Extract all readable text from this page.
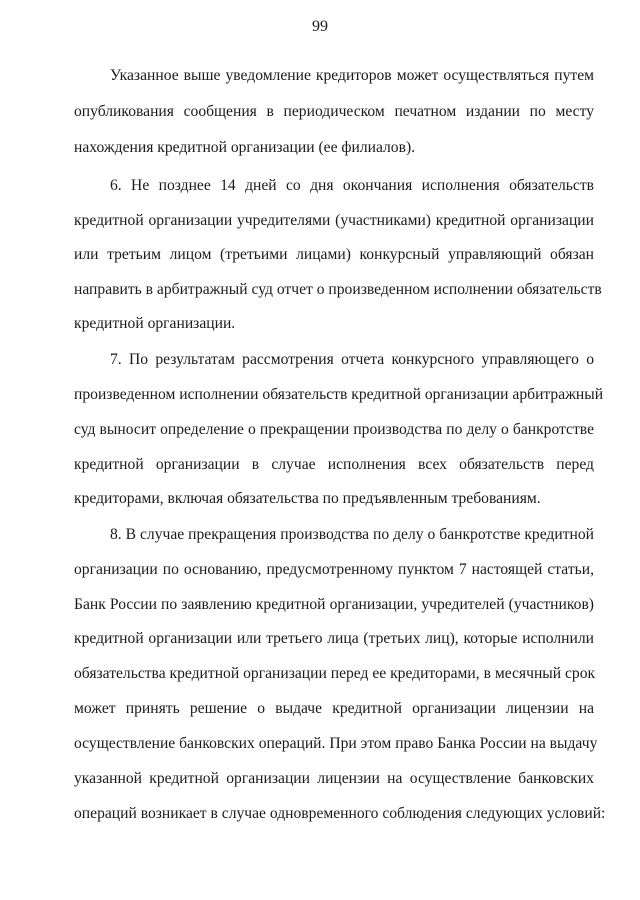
99
Указанное выше уведомление кредиторов может осуществляться путем
опубликования сообщения в периодическом печатном издании по месту
нахождения кредитной организации (ее филиалов).
6. Не позднее 14 дней со дня окончания исполнения обязательств
кредитной организации учредителями (участниками) кредитной организации
или третьим лицом (третьими лицами) конкурсный управляющий обязан
направить в арбитражный суд отчет о произведенном исполнении обязательств
кредитной организации.
7. По результатам рассмотрения отчета конкурсного управляющего о
произведенном исполнении обязательств кредитной организации арбитражный
суд выносит определение о прекращении производства по делу о банкротстве
кредитной организации в случае исполнения всех обязательств перед
кредиторами, включая обязательства по предъявленным требованиям.
8. В случае прекращения производства по делу о банкротстве кредитной
организации по основанию, предусмотренному пунктом 7 настоящей статьи,
Банк России по заявлению кредитной организации, учредителей (участников)
кредитной организации или третьего лица (третьих лиц), которые исполнили
обязательства кредитной организации перед ее кредиторами, в месячный срок
может принять решение о выдаче кредитной организации лицензии на
осуществление банковских операций. При этом право Банка России на выдачу
указанной кредитной организации лицензии на осуществление банковских
операций возникает в случае одновременного соблюдения следующих условий:
